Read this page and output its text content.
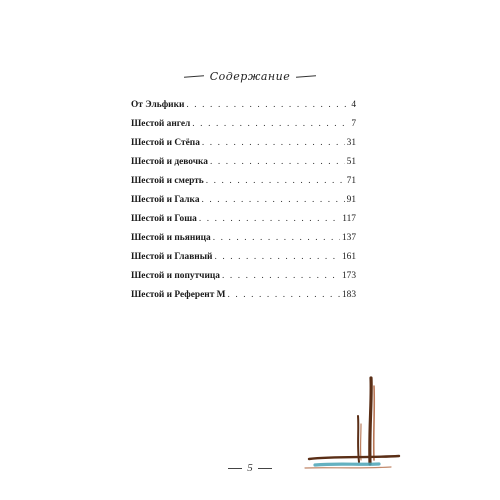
Содержание
От Эльфики . . .	4
Шестой ангел . . .	7
Шестой и Стёпа . . .	31
Шестой и девочка . . .	51
Шестой и смерть . . .	71
Шестой и Галка . . .	91
Шестой и Гоша . . .	117
Шестой и пьяница . . .	137
Шестой и Главный . . .	161
Шестой и попутчица . . .	173
Шестой и Референт М . . .	183
5
